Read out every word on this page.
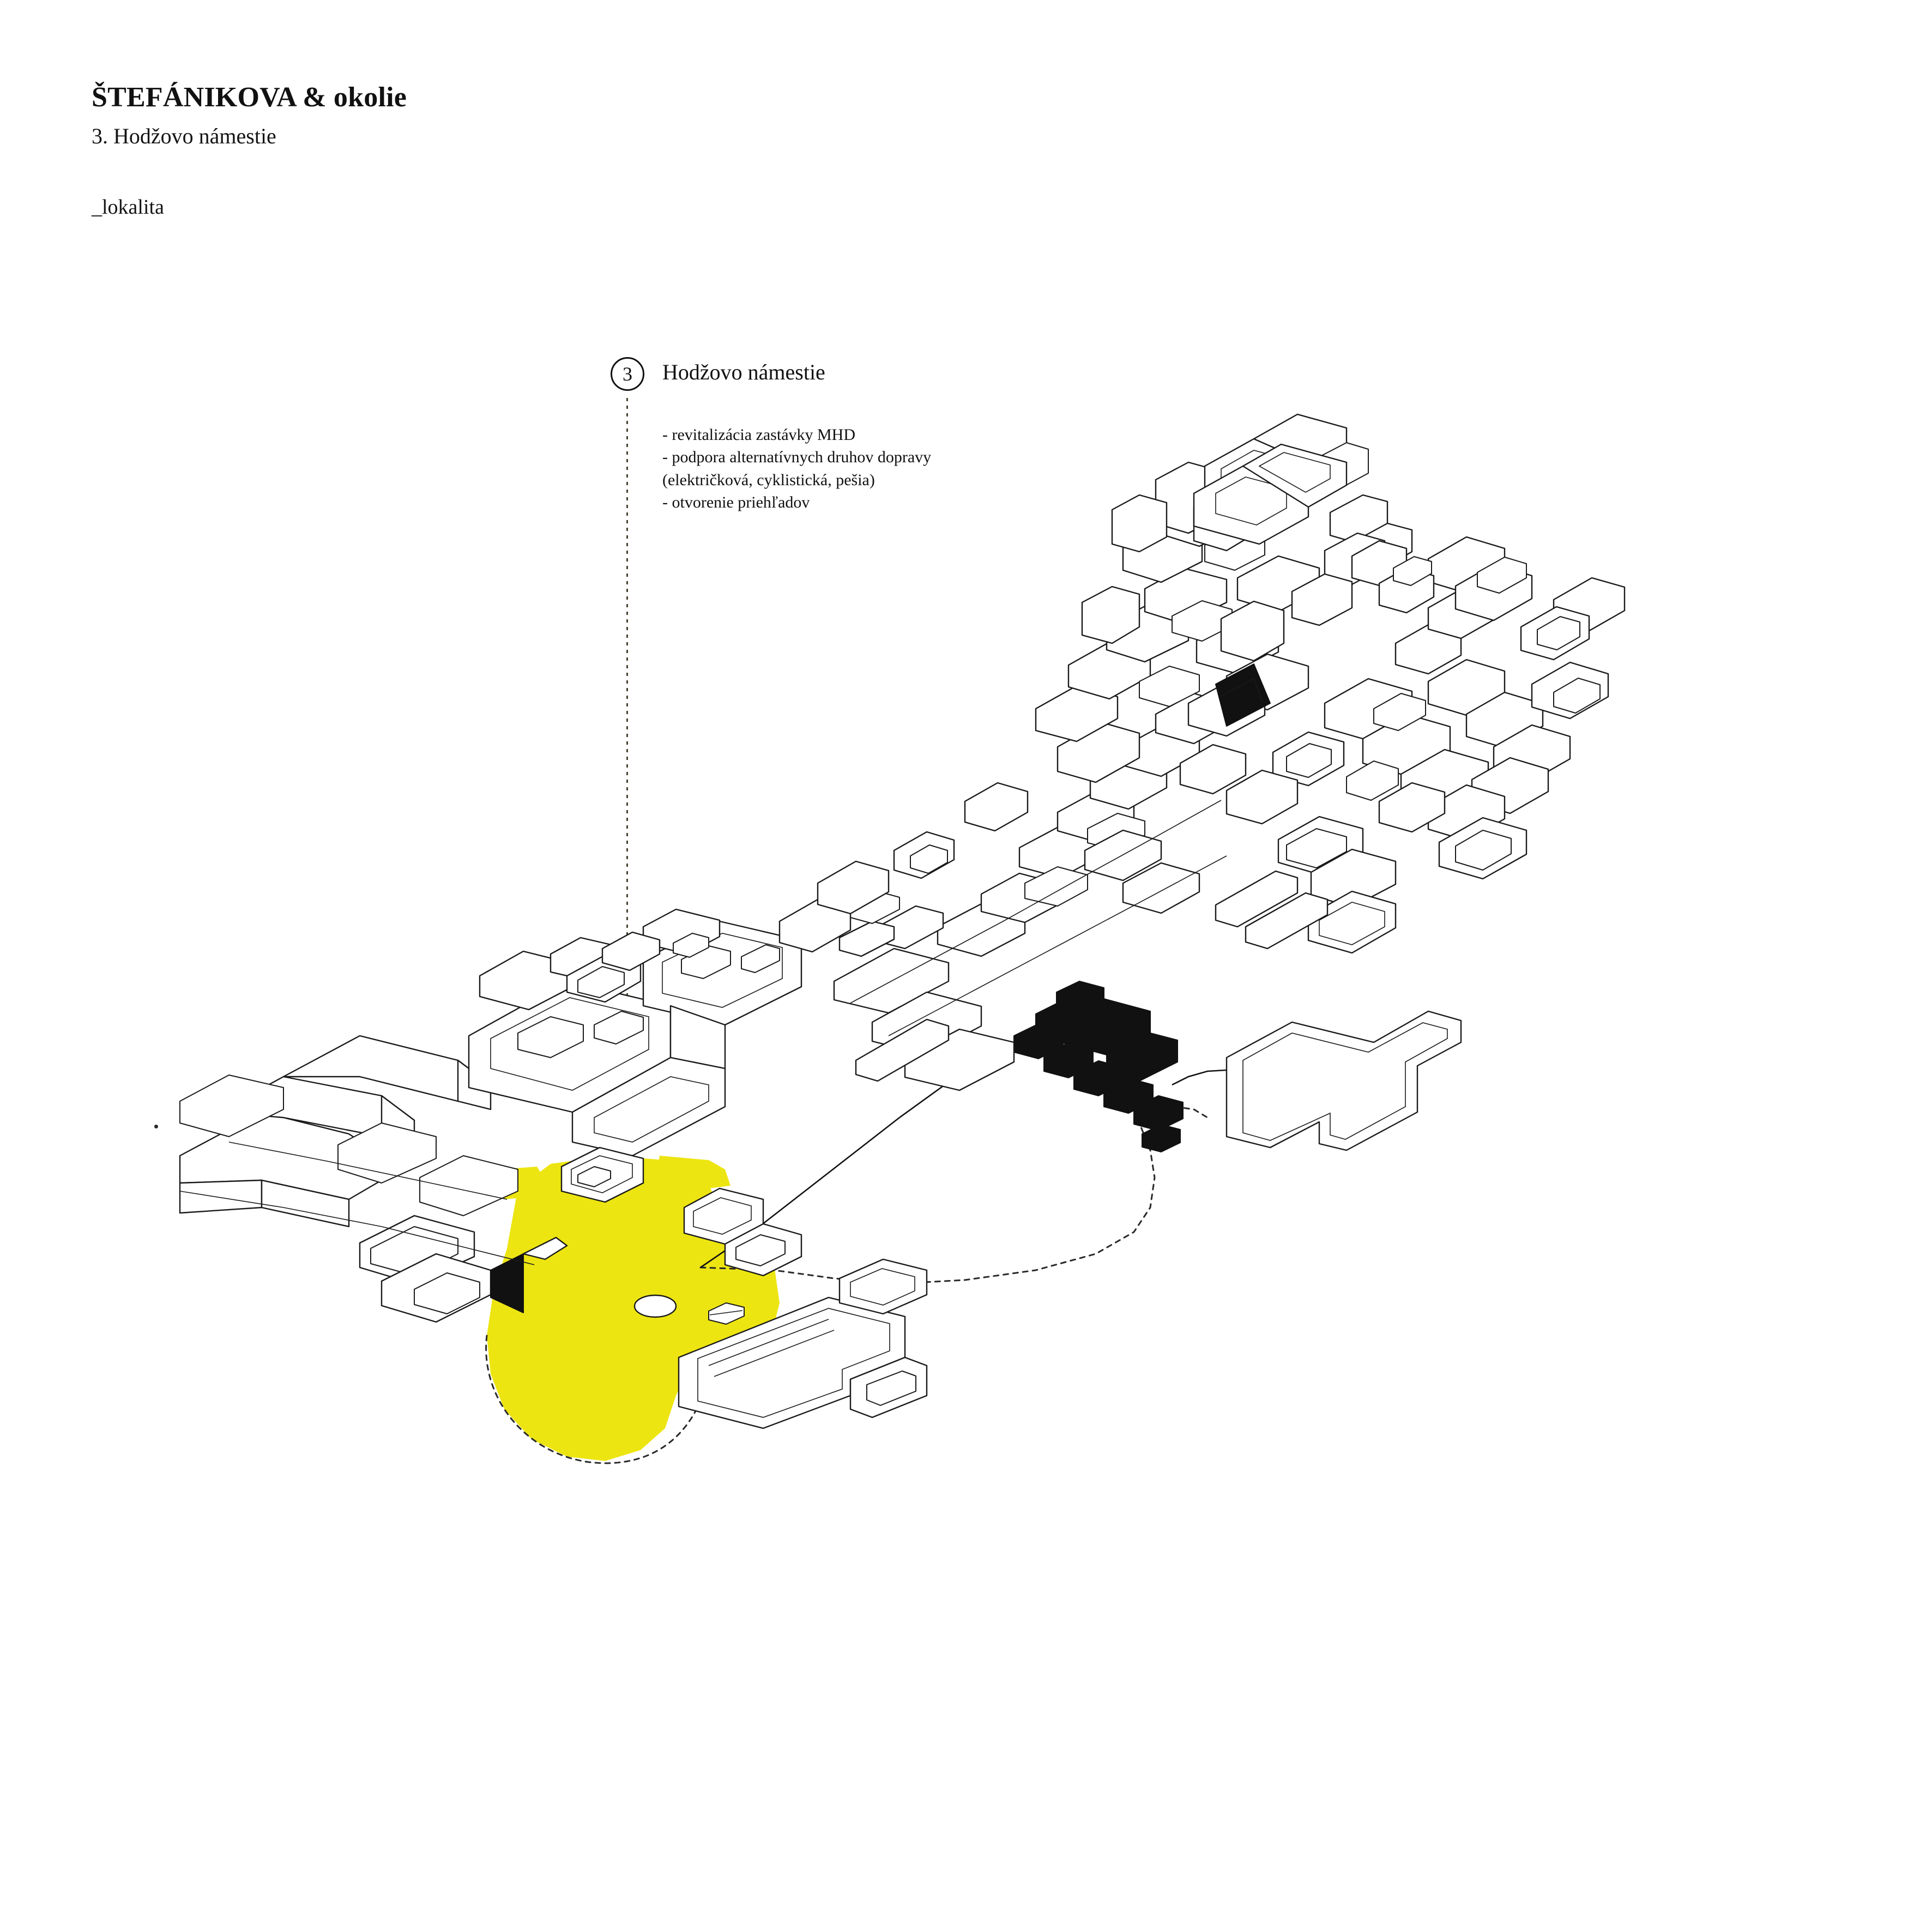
ŠTEFÁNIKOVA & okolie
3. Hodžovo námestie
_lokalita
3	Hodžovo námestie
- revitalizácia zastávky MHD
- podpora alternatívnych druhov dopravy
(električková, cyklistická, pešia)
- otvorenie priehľadov
